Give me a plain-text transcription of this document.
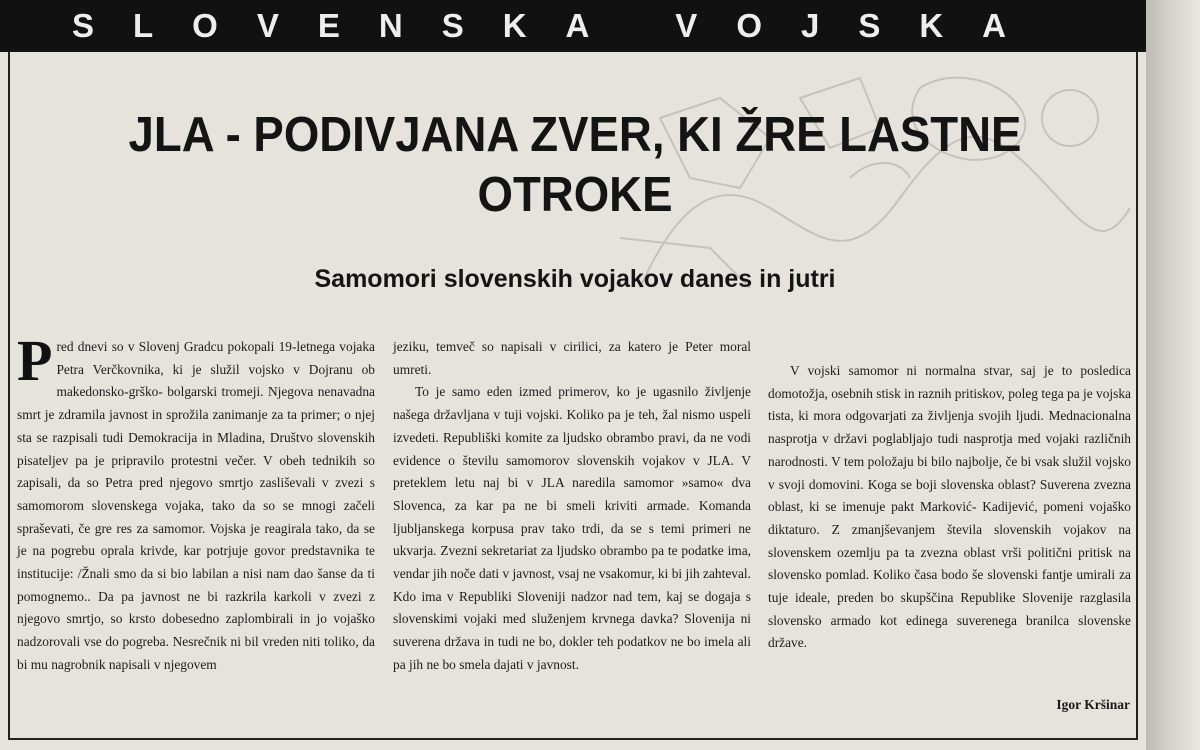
SLOVENSKA VOJSKA
JLA - PODIVJANA ZVER, KI ŽRE LASTNE OTROKE
Samomori slovenskih vojakov danes in jutri

Pred dnevi so v Slovenj Gradcu pokopali 19-letnega vojaka Petra Verčkovnika, ki je služil vojsko v Dojranu ob makedonsko-grško- bolgarski tromeji. Njegova nenavadna smrt je zdramila javnost in sprožila zanimanje za ta primer; o njej sta se razpisali tudi Demokracija in Mladina, Društvo slovenskih pisateljev pa je pripravilo protestni večer. V obeh tednikih so zapisali, da so Petra pred njegovo smrtjo zasliševali v zvezi s samomorom slovenskega vojaka, tako da so se mnogi začeli spraševati, če gre res za samomor. Vojska je reagirala tako, da se je na pogrebu oprala krivde, kar potrjuje govor predstavnika te institucije: /Žnali smo da si bio labilan a nisi nam dao šanse da ti pomognemo.. Da pa javnost ne bi razkrila karkoli v zvezi z njegovo smrtjo, so krsto dobesedno zaplombirali in jo vojaško nadzorovali vse do pogreba. Nesrečnik ni bil vreden niti toliko, da bi mu nagrobnik napisali v njegovem

jeziku, temveč so napisali v cirilici, za katero je Peter moral umreti.

To je samo eden izmed primerov, ko je ugasnilo življenje našega državljana v tuji vojski. Koliko pa je teh, žal nismo uspeli izvedeti. Republiški komite za ljudsko obrambo pravi, da ne vodi evidence o številu samomorov slovenskih vojakov v JLA. V preteklem letu naj bi v JLA naredila samomor »samo« dva Slovenca, za kar pa ne bi smeli kriviti armade. Komanda ljubljanskega korpusa prav tako trdi, da se s temi primeri ne ukvarja. Zvezni sekretariat za ljudsko obrambo pa te podatke ima, vendar jih noče dati v javnost, vsaj ne vsakomur, ki bi jih zahteval. Kdo ima v Republiki Sloveniji nadzor nad tem, kaj se dogaja s slovenskimi vojaki med služenjem krvnega davka? Slovenija ni suverena država in tudi ne bo, dokler teh podatkov ne bo imela ali pa jih ne bo smela dajati v javnost.

V vojski samomor ni normalna stvar, saj je to posledica domotožja, osebnih stisk in raznih pritiskov, poleg tega pa je vojska tista, ki mora odgovarjati za življenja svojih ljudi. Mednacionalna nasprotja v državi poglabljajo tudi nasprotja med vojaki različnih narodnosti. V tem položaju bi bilo najbolje, če bi vsak služil vojsko v svoji domovini. Koga se boji slovenska oblast? Suverena zvezna oblast, ki se imenuje pakt Marković- Kadijević, pomeni vojaško diktaturo. Z zmanjševanjem števila slovenskih vojakov na slovenskem ozemlju pa ta zvezna oblast vrši politični pritisk na slovensko pomlad. Koliko časa bodo še slovenski fantje umirali za tuje ideale, preden bo skupščina Republike Slovenije razglasila slovensko armado kot edinega suverenega branilca slovenske države.

Igor Kršinar
